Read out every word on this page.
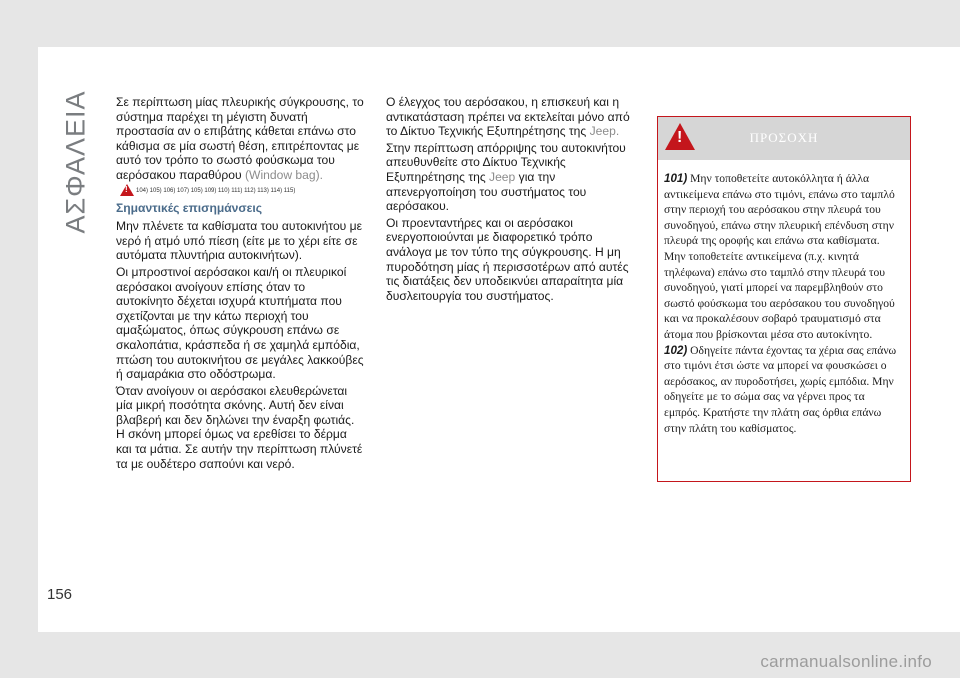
ΑΣΦΑΛΕΙΑ Σε περίπτωση μίας πλευρικής σύγκρουσης, το σύστημα παρέχει τη μέγιστη δυνατή προστασία αν ο επιβάτης κάθεται επάνω στο κάθισμα σε μία σωστή θέση, επιτρέποντας με αυτό τον τρόπο το σωστό φούσκωμα του αερόσακου παραθύρου (Window bag).

!
104) 105) 106) 107) 105) 109) 110) 111) 112) 113) 114) 115)
Σημαντικές επισημάνσεις

Μην πλένετε τα καθίσματα του αυτοκινήτου με νερό ή ατμό υπό πίεση (είτε με το χέρι είτε σε αυτόματα πλυντήρια αυτοκινήτων).

Οι μπροστινοί αερόσακοι και/ή οι πλευρικοί αερόσακοι ανοίγουν επίσης όταν το αυτοκίνητο δέχεται ισχυρά κτυπήματα που σχετίζονται με την κάτω περιοχή του αμαξώματος, όπως σύγκρουση επάνω σε σκαλοπάτια, κράσπεδα ή σε χαμηλά εμπόδια, πτώση του αυτοκινήτου σε μεγάλες λακκούβες ή σαμαράκια στο οδόστρωμα.

Όταν ανοίγουν οι αερόσακοι ελευθερώνεται μία μικρή ποσότητα σκόνης. Αυτή δεν είναι βλαβερή και δεν δηλώνει την έναρξη φωτιάς. Η σκόνη μπορεί όμως να ερεθίσει το δέρμα και τα μάτια. Σε αυτήν την περίπτωση πλύνετέ τα με ουδέτερο σαπούνι και νερό.

Ο έλεγχος του αερόσακου, η επισκευή και η αντικατάσταση πρέπει να εκτελείται μόνο από το Δίκτυο Τεχνικής Εξυπηρέτησης της Jeep.

Στην περίπτωση απόρριψης του αυτοκινήτου απευθυνθείτε στο Δίκτυο Τεχνικής Εξυπηρέτησης της Jeep για την απενεργοποίηση του συστήματος του αερόσακου.

Οι προενταντήρες και οι αερόσακοι ενεργοποιούνται με διαφορετικό τρόπο ανάλογα με τον τύπο της σύγκρουσης. Η μη πυροδότηση μίας ή περισσοτέρων από αυτές τις διατάξεις δεν υποδεικνύει απαραίτητα μία δυσλειτουργία του συστήματος.

!	ΠΡΟΣΟΧΗ

101) Μην τοποθετείτε αυτοκόλλητα ή άλλα αντικείμενα επάνω στο τιμόνι, επάνω στο ταμπλό στην περιοχή του αερόσακου στην πλευρά του συνοδηγού, επάνω στην πλευρική επένδυση στην πλευρά της οροφής και επάνω στα καθίσματα. Μην τοποθετείτε αντικείμενα (π.χ. κινητά τηλέφωνα) επάνω στο ταμπλό στην πλευρά του συνοδηγού, γιατί μπορεί να παρεμβληθούν στο σωστό φούσκωμα του αερόσακου του συνοδηγού και να προκαλέσουν σοβαρό τραυματισμό στα άτομα που βρίσκονται μέσα στο αυτοκίνητο.

102) Οδηγείτε πάντα έχοντας τα χέρια σας επάνω στο τιμόνι έτσι ώστε να μπορεί να φουσκώσει ο αερόσακος, αν πυροδοτήσει, χωρίς εμπόδια. Μην οδηγείτε με το σώμα σας να γέρνει προς τα εμπρός. Κρατήστε την πλάτη σας όρθια επάνω στην πλάτη του καθίσματος.

156
carmanualsonline.info
